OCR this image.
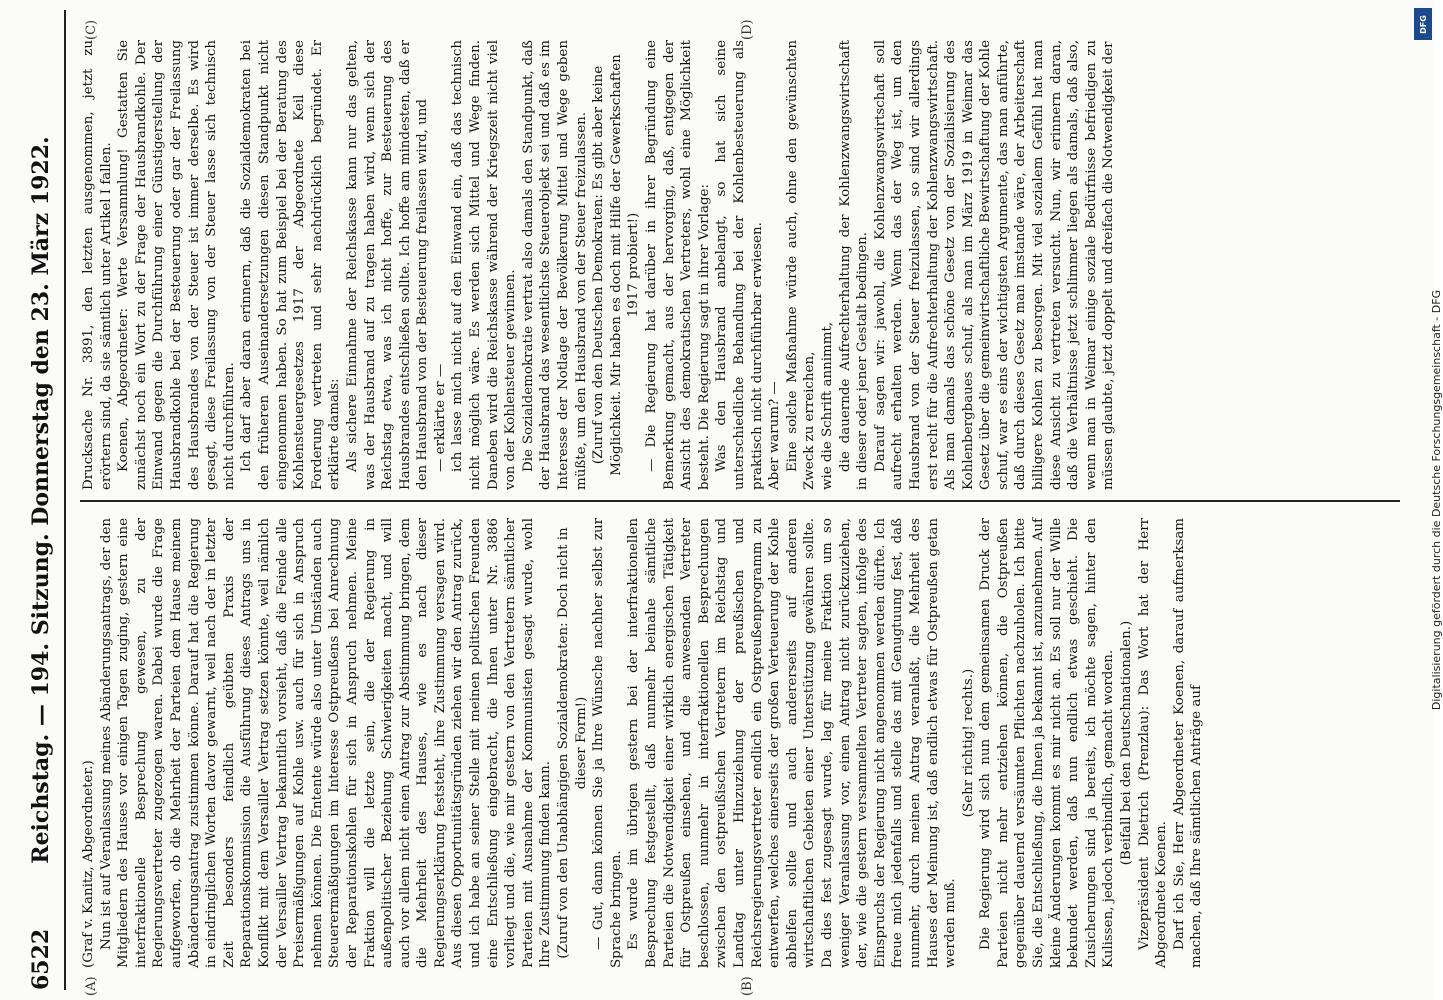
6522
Reichstag. — 194. Sitzung. Donnerstag den 23. März 1922.
(A)	(B)
(C)	(D)

(Graf v. Kanitz, Abgeordneter.) Nun ist auf Veranlassung meines Abänderungsantrags, der den Mitgliedern des Hauses vor einigen Tagen zuging, gestern eine interfraktionelle Besprechung gewesen, zu der Regierungsvertreter zugezogen waren. Dabei wurde die Frage aufgeworfen, ob die Mehrheit der Parteien dem Hause meinem Abänderungsantrag zustimmen könne. Darauf hat die Regierung in eindringlichen Worten davor gewarnt, weil nach der in letzter Zeit besonders feindlich geübten Praxis der Reparationskommission die Ausführung dieses Antrags uns in Konflikt mit dem Versailler Vertrag setzen könnte, weil nämlich der Versailler Vertrag bekanntlich vorsieht, daß die Feinde alle Preisermäßigungen auf Kohle usw. auch für sich in Anspruch nehmen können. Die Entente würde also unter Umständen auch Steuerermäßigungen im Interesse Ostpreußens bei Anrechnung der Reparationskohlen für sich in Anspruch nehmen. Meine Fraktion will die letzte sein, die der Regierung in außenpolitischer Beziehung Schwierigkeiten macht, und will auch vor allem nicht einen Antrag zur Abstimmung bringen, dem die Mehrheit des Hauses, wie es nach dieser Regierungserklärung feststeht, ihre Zustimmung versagen wird. Aus diesen Opportunitätsgründen ziehen wir den Antrag zurück, und ich habe an seiner Stelle mit meinen politischen Freunden eine Entschließung eingebracht, die Ihnen unter Nr. 3886 vorliegt und die, wie mir gestern von den Vertretern sämtlicher Parteien mit Ausnahme der Kommunisten gesagt wurde, wohl Ihre Zustimmung finden kann. (Zuruf von den Unabhängigen Sozialdemokraten: Doch nicht in dieser Form!) — Gut, dann können Sie ja Ihre Wünsche nachher selbst zur Sprache bringen. Es wurde im übrigen gestern bei der interfraktionellen Besprechung festgestellt, daß nunmehr beinahe sämtliche Parteien die Notwendigkeit einer wirklich energischen Tätigkeit für Ostpreußen einsehen, und die anwesenden Vertreter beschlossen, nunmehr in interfraktionellen Besprechungen zwischen den ostpreußischen Vertretern im Reichstag und Landtag unter Hinzuziehung der preußischen und Reichsregierungsvertreter endlich ein Ostpreußenprogramm zu entwerfen, welches einerseits der großen Verteuerung der Kohle abhelfen sollte und auch andererseits auf anderen wirtschaftlichen Gebieten einer Unterstützung gewähren sollte. Da dies fest zugesagt wurde, lag für meine Fraktion um so weniger Veranlassung vor, einen Antrag nicht zurückzuziehen, der, wie die gestern versammelten Vertreter sagten, infolge des Einspruchs der Regierung nicht angenommen werden dürfte. Ich freue mich jedenfalls und stelle das mit Genugtuung fest, daß nunmehr, durch meinen Antrag veranlaßt, die Mehrheit des Hauses der Meinung ist, daß endlich etwas für Ostpreußen getan werden muß.

(Sehr richtig! rechts.) Die Regierung wird sich nun dem gemeinsamen Druck der Parteien nicht mehr entziehen können, die Ostpreußen gegenüber dauernd versäumten Pflichten nachzuholen. Ich bitte Sie, die Entschließung, die Ihnen ja bekannt ist, anzunehmen. Auf kleine Änderungen kommt es mir nicht an. Es soll nur der Wille bekundet werden, daß nun endlich etwas geschieht. Die Zusicherungen sind ja bereits, ich möchte sagen, hinter den Kulissen, jedoch verbindlich, gemacht worden. (Beifall bei den Deutschnationalen.) Vizepräsident Dietrich (Prenzlau): Das Wort hat der Herr Abgeordnete Koenen. Darf ich Sie, Herr Abgeordneter Koenen, darauf aufmerksam machen, daß Ihre sämtlichen Anträge auf

Drucksache Nr. 3891, den letzten ausgenommen, jetzt zu erörtern sind, da sie sämtlich unter Artikel I fallen. Koenen, Abgeordneter: Werte Versammlung! Gestatten Sie zunächst noch ein Wort zu der Frage der Hausbrandkohle. Der Einwand gegen die Durchführung einer Günstigerstellung der Hausbrandkohle bei der Besteuerung oder gar der Freilassung des Hausbrandes von der Steuer ist immer derselbe. Es wird gesagt, diese Freilassung von der Steuer lasse sich technisch nicht durchführen. Ich darf aber daran erinnern, daß die Sozialdemokraten bei den früheren Auseinandersetzungen diesen Standpunkt nicht eingenommen haben. So hat zum Beispiel bei der Beratung des Kohlensteuergesetzes 1917 der Abgeordnete Keil diese Forderung vertreten und sehr nachdrücklich begründet. Er erklärte damals: Als sichere Einnahme der Reichskasse kann nur das gelten, was der Hausbrand auf zu tragen haben wird, wenn sich der Reichstag etwa, was ich nicht hoffe, zur Besteuerung des Hausbrandes entschließen sollte. Ich hoffe am mindesten, daß er den Hausbrand von der Besteuerung freilassen wird, und — erklärte er — ich lasse mich nicht auf den Einwand ein, daß das technisch nicht möglich wäre. Es werden sich Mittel und Wege finden. Daneben wird die Reichskasse während der Kriegszeit nicht viel von der Kohlensteuer gewinnen. Die Sozialdemokratie vertrat also damals den Standpunkt, daß der Hausbrand das wesentlichste Steuerobjekt sei und daß es im Interesse der Notlage der Bevölkerung Mittel und Wege geben müßte, um den Hausbrand von der Steuer freizulassen. (Zuruf von den Deutschen Demokraten: Es gibt aber keine Möglichkeit. Mir haben es doch mit Hilfe der Gewerkschaften 1917 probiert!) — Die Regierung hat darüber in ihrer Begründung eine Bemerkung gemacht, aus der hervorging, daß, entgegen der Ansicht des demokratischen Vertreters, wohl eine Möglichkeit besteht. Die Regierung sagt in ihrer Vorlage: Was den Hausbrand anbelangt, so hat sich seine unterschiedliche Behandlung bei der Kohlenbesteuerung als praktisch nicht durchführbar erwiesen. Aber warum? — Eine solche Maßnahme würde auch, ohne den gewünschten Zweck zu erreichen, wie die Schrift annimmt, die dauernde Aufrechterhaltung der Kohlenzwangswirtschaft in dieser oder jener Gestalt bedingen. Darauf sagen wir: jawohl, die Kohlenzwangswirtschaft soll aufrecht erhalten werden. Wenn das der Weg ist, um den Hausbrand von der Steuer freizulassen, so sind wir allerdings erst recht für die Aufrechterhaltung der Kohlenzwangswirtschaft. Als man damals das schöne Gesetz von der Sozialisierung des Kohlenbergbaues schuf, als man im März 1919 in Weimar das Gesetz über die gemeinwirtschaftliche Bewirtschaftung der Kohle schuf, war es eins der wichtigsten Argumente, das man anführte, daß durch dieses Gesetz man imstande wäre, der Arbeiterschaft billigere Kohlen zu besorgen. Mit viel sozialem Gefühl hat man diese Ansicht zu vertreten versucht. Nun, wir erinnern daran, daß die Verhältnisse jetzt schlimmer liegen als damals, daß also, wenn man in Weimar einige soziale Bedürfnisse befriedigen zu müssen glaubte, jetzt doppelt und dreifach die Notwendigkeit der

Digitalisierung gefördert durch die Deutsche Forschungsgemeinschaft - DFG
DFG
